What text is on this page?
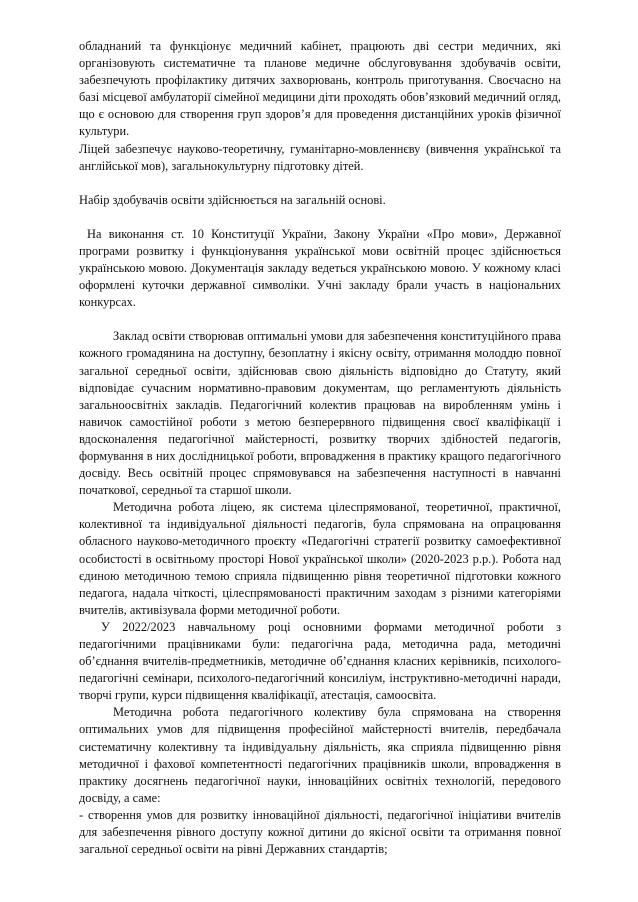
обладнаний та функціонує медичний кабінет, працюють дві сестри медичних, які організовують систематичне та планове медичне обслуговування здобувачів освіти, забезпечують профілактику дитячих захворювань, контроль приготування. Своєчасно на базі місцевої амбулаторії сімейної медицини діти проходять обов’язковий медичний огляд, що є основою для створення груп здоров’я для проведення дистанційних уроків фізичної культури.

Ліцей забезпечує науково-теоретичну, гуманітарно-мовленнєву (вивчення української та англійської мов), загальнокультурну підготовку дітей.

Набір здобувачів освіти здійснюється на загальній основі.

На виконання ст. 10 Конституції України, Закону України «Про мови», Державної програми розвитку і функціонування української мови освітній процес здійснюється українською мовою. Документація закладу ведеться українською мовою. У кожному класі оформлені куточки державної символіки. Учні закладу брали участь в національних конкурсах.

Заклад освіти створював оптимальні умови для забезпечення конституційного права кожного громадянина на доступну, безоплатну і якісну освіту, отримання молоддю повної загальної середньої освіти, здійснював свою діяльність відповідно до Статуту, який відповідає сучасним нормативно-правовим документам, що регламентують діяльність загальноосвітніх закладів. Педагогічний колектив працював на виробленням умінь і навичок самостійної роботи з метою безперервного підвищення своєї кваліфікації і вдосконалення педагогічної майстерності, розвитку творчих здібностей педагогів, формування в них дослідницької роботи, впровадження в практику кращого педагогічного досвіду. Весь освітній процес спрямовувався на забезпечення наступності в навчанні початкової, середньої та старшої школи.

Методична робота ліцею, як система цілеспрямованої, теоретичної, практичної, колективної та індивідуальної діяльності педагогів, була спрямована на опрацювання обласного науково-методичного проєкту «Педагогічні стратегії розвитку самоефективної особистості в освітньому просторі Нової української школи» (2020-2023 р.р.). Робота над єдиною методичною темою сприяла підвищенню рівня теоретичної підготовки кожного педагога, надала чіткості, цілеспрямованості практичним заходам з різними категоріями вчителів, активізувала форми методичної роботи.

У 2022/2023 навчальному році основними формами методичної роботи з педагогічними працівниками були: педагогічна рада, методична рада, методичні об’єднання вчителів-предметників, методичне об’єднання класних керівників, психолого-педагогічні семінари, психолого-педагогічний консиліум, інструктивно-методичні наради, творчі групи, курси підвищення кваліфікації, атестація, самоосвіта.

Методична робота педагогічного колективу була спрямована на створення оптимальних умов для підвищення професійної майстерності вчителів, передбачала систематичну колективну та індивідуальну діяльність, яка сприяла підвищенню рівня методичної і фахової компетентності педагогічних працівників школи, впровадження в практику досягнень педагогічної науки, інноваційних освітніх технологій, передового досвіду, а саме:

- створення умов для розвитку інноваційної діяльності, педагогічної ініціативи вчителів для забезпечення рівного доступу кожної дитини до якісної освіти та отримання повної загальної середньої освіти на рівні Державних стандартів;
